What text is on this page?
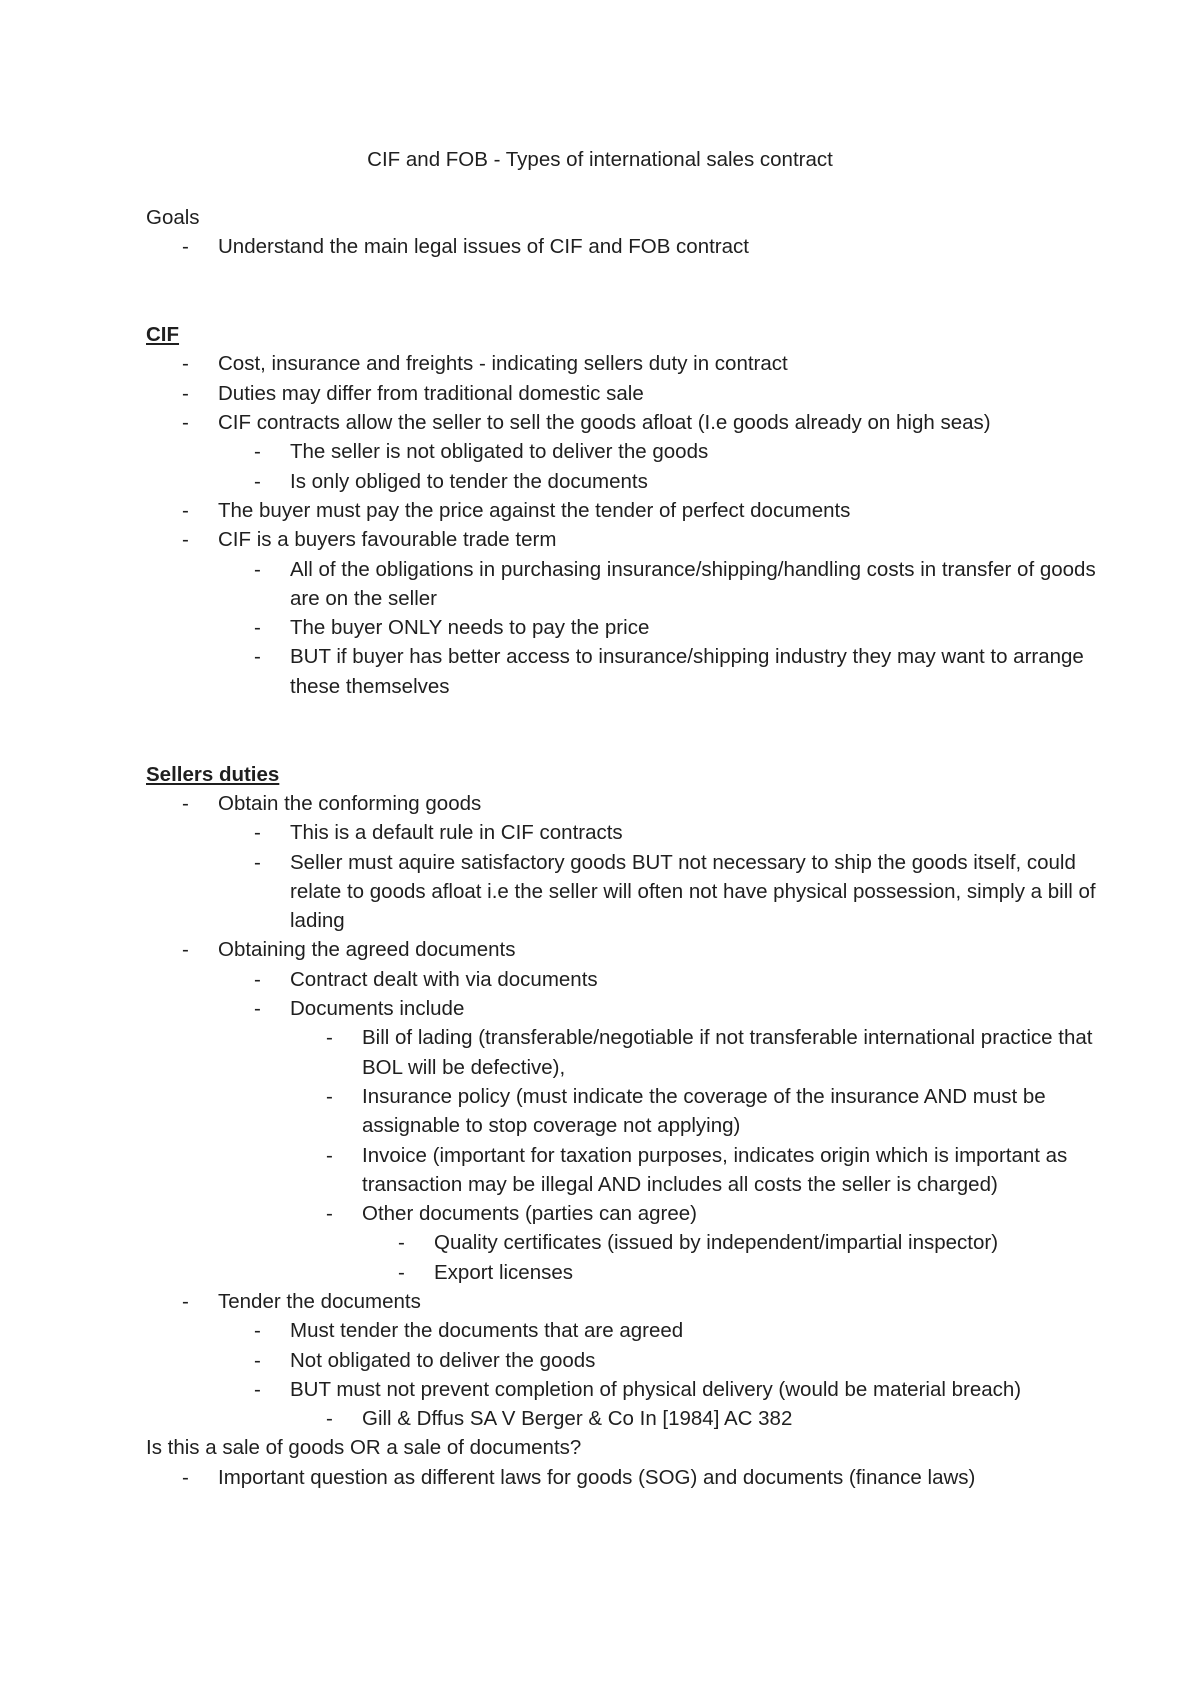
CIF and FOB - Types of international sales contract

Goals

-	Understand the main legal issues of CIF and FOB contract

CIF

-	Cost, insurance and freights - indicating sellers duty in contract
-	Duties may differ from traditional domestic sale
-	CIF contracts allow the seller to sell the goods afloat (I.e goods already on high seas)
-	The seller is not obligated to deliver the goods
-	Is only obliged to tender the documents
-	The buyer must pay the price against the tender of perfect documents
-	CIF is a buyers favourable trade term
-	All of the obligations in purchasing insurance/shipping/handling costs in transfer of goods are on the seller
-	The buyer ONLY needs to pay the price
-	BUT if buyer has better access to insurance/shipping industry they may want to arrange these themselves

Sellers duties

-	Obtain the conforming goods
-	This is a default rule in CIF contracts
-	Seller must aquire satisfactory goods BUT not necessary to ship the goods itself, could relate to goods afloat i.e the seller will often not have physical possession, simply a bill of lading
-	Obtaining the agreed documents
-	Contract dealt with via documents
-	Documents include
-	Bill of lading (transferable/negotiable if not transferable international practice that BOL will be defective),
-	Insurance policy (must indicate the coverage of the insurance AND must be assignable to stop coverage not applying)
-	Invoice (important for taxation purposes, indicates origin which is important as transaction may be illegal AND includes all costs the seller is charged)
-	Other documents (parties can agree)
-	Quality certificates (issued by independent/impartial inspector)
-	Export licenses
-	Tender the documents
-	Must tender the documents that are agreed
-	Not obligated to deliver the goods
-	BUT must not prevent completion of physical delivery (would be material breach)
-	Gill & Dffus SA V Berger & Co In [1984] AC 382

Is this a sale of goods OR a sale of documents?

-	Important question as different laws for goods (SOG) and documents (finance laws)
